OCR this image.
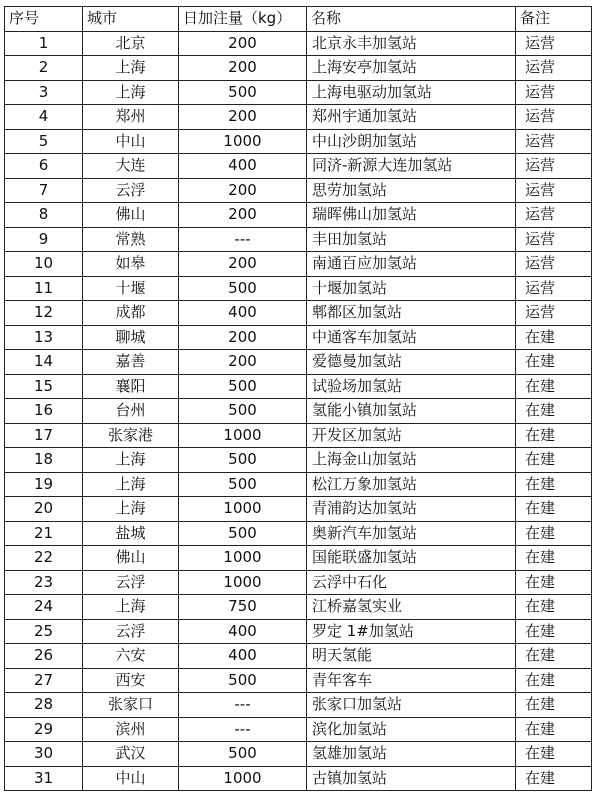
序号	城市	日加注量（kg）	名称	备注
1	北京	200	北京永丰加氢站	运营
2	上海	200	上海安亭加氢站	运营
3	上海	500	上海电驱动加氢站	运营
4	郑州	200	郑州宇通加氢站	运营
5	中山	1000	中山沙朗加氢站	运营
6	大连	400	同济-新源大连加氢站	运营
7	云浮	200	思劳加氢站	运营
8	佛山	200	瑞晖佛山加氢站	运营
9	常熟	---	丰田加氢站	运营
10	如皋	200	南通百应加氢站	运营
11	十堰	500	十堰加氢站	运营
12	成都	400	郫都区加氢站	运营
13	聊城	200	中通客车加氢站	在建
14	嘉善	200	爱德曼加氢站	在建
15	襄阳	500	试验场加氢站	在建
16	台州	500	氢能小镇加氢站	在建
17	张家港	1000	开发区加氢站	在建
18	上海	500	上海金山加氢站	在建
19	上海	500	松江万象加氢站	在建
20	上海	1000	青浦韵达加氢站	在建
21	盐城	500	奥新汽车加氢站	在建
22	佛山	1000	国能联盛加氢站	在建
23	云浮	1000	云浮中石化	在建
24	上海	750	江桥嘉氢实业	在建
25	云浮	400	罗定 1#加氢站	在建
26	六安	400	明天氢能	在建
27	西安	500	青年客车	在建
28	张家口	---	张家口加氢站	在建
29	滨州	---	滨化加氢站	在建
30	武汉	500	氢雄加氢站	在建
31	中山	1000	古镇加氢站	在建
